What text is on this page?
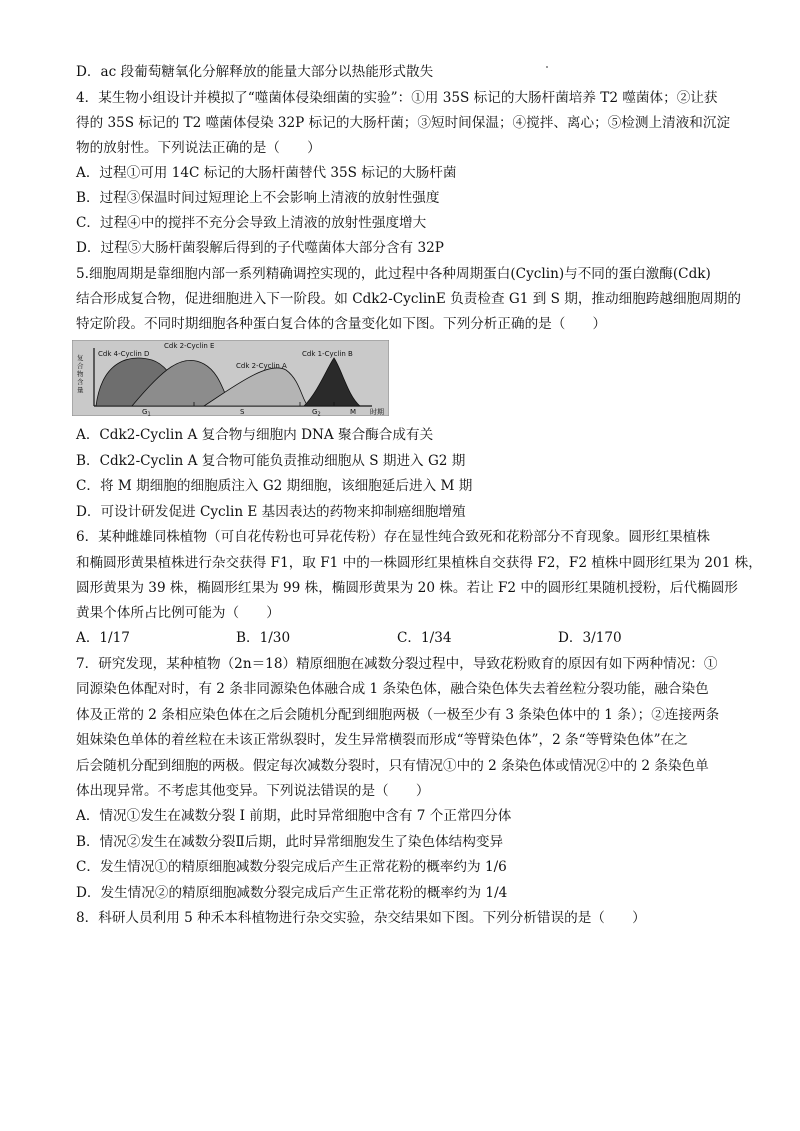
D．ac 段葡萄糖氧化分解释放的能量大部分以热能形式散失
4．某生物小组设计并模拟了“噬菌体侵染细菌的实验”：①用 35S 标记的大肠杆菌培养 T2 噬菌体；②让获
得的 35S 标记的 T2 噬菌体侵染 32P 标记的大肠杆菌；③短时间保温；④搅拌、离心；⑤检测上清液和沉淀
物的放射性。下列说法正确的是（　　）
A．过程①可用 14C 标记的大肠杆菌替代 35S 标记的大肠杆菌
B．过程③保温时间过短理论上不会影响上清液的放射性强度
C．过程④中的搅拌不充分会导致上清液的放射性强度增大
D．过程⑤大肠杆菌裂解后得到的子代噬菌体大部分含有 32P
5.细胞周期是靠细胞内部一系列精确调控实现的，此过程中各种周期蛋白(Cyclin)与不同的蛋白激酶(Cdk)
结合形成复合物，促进细胞进入下一阶段。如 Cdk2-CyclinE 负责检查 G1 到 S 期，推动细胞跨越细胞周期的
特定阶段。不同时期细胞各种蛋白复合体的含量变化如下图。下列分析正确的是（　　）
复合物含量
Cdk 4-Cyclin D
Cdk 2-Cyclin E
Cdk 2-Cyclin A
Cdk 1-Cyclin B
$G_1$	S	$G_2$	M 时期
A．Cdk2-Cyclin A 复合物与细胞内 DNA 聚合酶合成有关
B．Cdk2-Cyclin A 复合物可能负责推动细胞从 S 期进入 G2 期
C．将 M 期细胞的细胞质注入 G2 期细胞，该细胞延后进入 M 期
D．可设计研发促进 Cyclin E 基因表达的药物来抑制癌细胞增殖
6．某种雌雄同株植物（可自花传粉也可异花传粉）存在显性纯合致死和花粉部分不育现象。圆形红果植株
和椭圆形黄果植株进行杂交获得 F1，取 F1 中的一株圆形红果植株自交获得 F2，F2 植株中圆形红果为 201 株，
圆形黄果为 39 株，椭圆形红果为 99 株，椭圆形黄果为 20 株。若让 F2 中的圆形红果随机授粉，后代椭圆形
黄果个体所占比例可能为（　　）
A．1/17	B．1/30	C．1/34	D．3/170
7．研究发现，某种植物（2n＝18）精原细胞在减数分裂过程中，导致花粉败育的原因有如下两种情况：①
同源染色体配对时，有 2 条非同源染色体融合成 1 条染色体，融合染色体失去着丝粒分裂功能，融合染色
体及正常的 2 条相应染色体在之后会随机分配到细胞两极（一极至少有 3 条染色体中的 1 条）；②连接两条
姐妹染色单体的着丝粒在未该正常纵裂时，发生异常横裂而形成“等臂染色体”，2 条“等臂染色体”在之
后会随机分配到细胞的两极。假定每次减数分裂时，只有情况①中的 2 条染色体或情况②中的 2 条染色单
体出现异常。不考虑其他变异。下列说法错误的是（　　）
A．情况①发生在减数分裂 I 前期，此时异常细胞中含有 7 个正常四分体
B．情况②发生在减数分裂Ⅱ后期，此时异常细胞发生了染色体结构变异
C．发生情况①的精原细胞减数分裂完成后产生正常花粉的概率约为 1/6
D．发生情况②的精原细胞减数分裂完成后产生正常花粉的概率约为 1/4
8．科研人员利用 5 种禾本科植物进行杂交实验，杂交结果如下图。下列分析错误的是（　　）
